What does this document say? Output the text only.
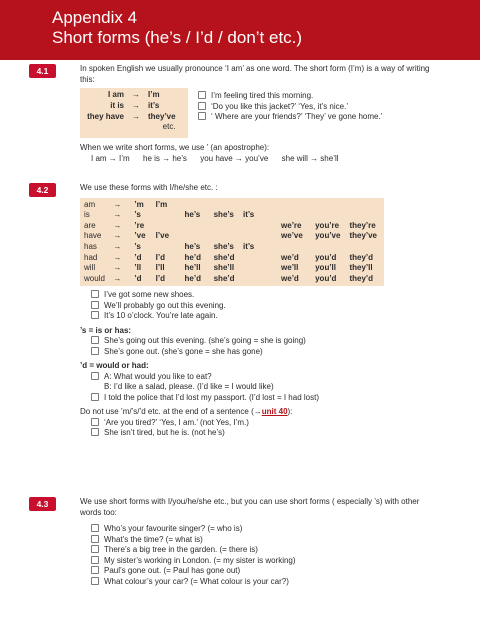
Appendix 4
Short forms (he’s / I’d / don’t etc.)
4.1	In spoken English we usually pronounce ‘I am’ as one word. The short form (I’m) is a way of writing
this:
I am	→ I’m
it is	→	it’s
they have	→	they’ve
		etc.
I’m feeling tired this morning.
‘Do you like this jacket?’ ‘Yes, it’s nice.’
‘ Where are your friends?’ ‘They’ ve gone home.’
When we write short forms, we use ’ (an apostrophe):
I am → I’m he is → he’s you have → you’ve she will → she’ll
4.2	We use these forms with I/he/she etc. :
am	→	’m	I’m						
is	→	’s		he’s	she’s	it’s			
are	→	’re					we’re	you’re	they’re
have	→	’ve	I’ve				we’ve	you’ve	they’ve
has	→	’s		he’s	she’s	it’s			
had	→	’d	I’d	he’d	she’d		we’d	you’d	they’d
will	→	’ll	I’ll	he’ll	she’ll		we’ll	you’ll	they’ll
would	→	’d	I’d	he’d	she’d		we’d	you’d	they’d
I’ve got some new shoes.
We’ll probably go out this evening.
It’s 10 o’clock. You’re late again.
’s = is or has:
She’s going out this evening. (she’s going = she is going)
She’s gone out. (she’s gone = she has gone)
’d = would or had:
A: What would you like to eat?
B: I’d like a salad, please. (I’d like = I would like)
I told the police that I’d lost my passport. (I’d lost = I had lost)
Do not use ’m/’s/’d etc. at the end of a sentence (→unit 40):
‘Are you tired?’ ‘Yes, I am.’ (not Yes, I’m.)
She isn’t tired, but he is. (not he’s)
4.3	We use short forms with I/you/he/she etc., but you can use short forms ( especially ’s) with other
words too:
Who’s your favourite singer? (= who is)
What’s the time? (= what is)
There’s a big tree in the garden. (= there is)
My sister’s working in London. (= my sister is working)
Paul’s gone out. (= Paul has gone out)
What colour’s your car? (= What colour is your car?)
